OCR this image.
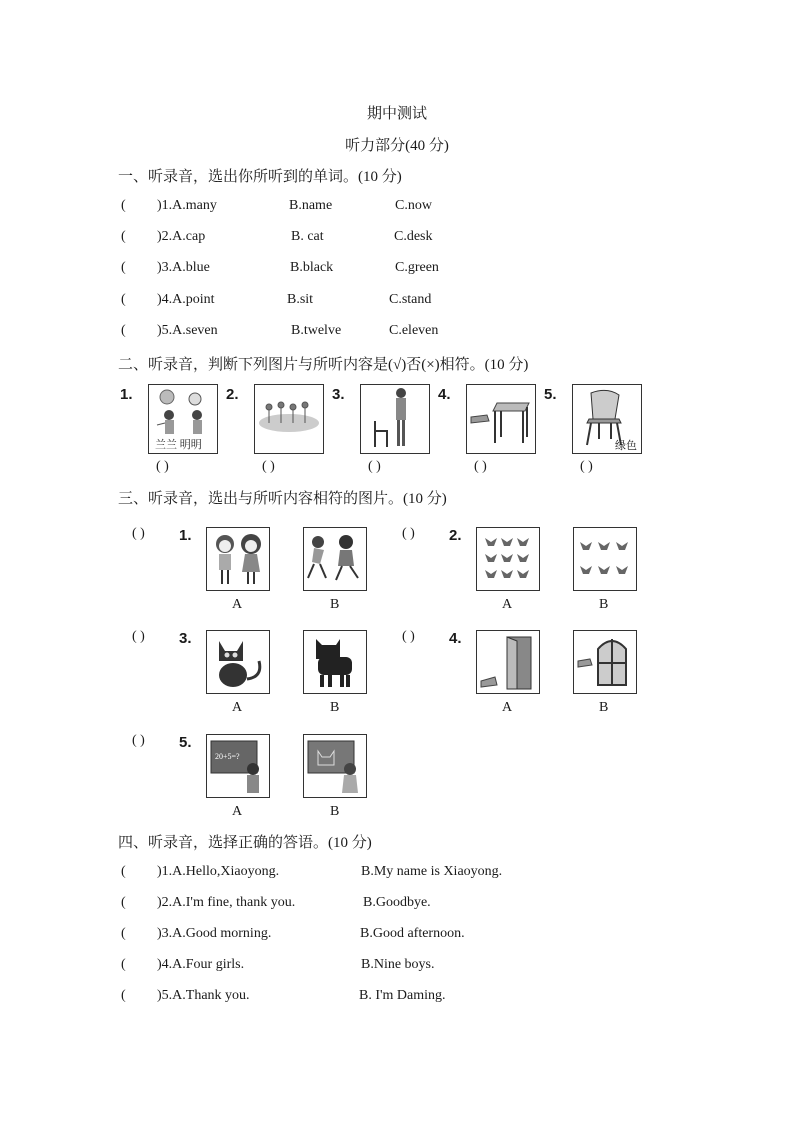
期中测试
听力部分(40 分)
一、听录音，选出你所听到的单词。(10 分)
( )1.A.many	B.name	C.now
( )2.A.cap	B. cat	C.desk
( )3.A.blue	B.black	C.green
( )4.A.point	B.sit	C.stand
( )5.A.seven	B.twelve	C.eleven
二、听录音，判断下列图片与所听内容是(√)否(×)相符。(10 分)
1.
兰兰 明明
( )
2.
( )
3.
( )
4.
( )
5.
绿色
( )
三、听录音，选出与所听内容相符的图片。(10 分)
( ) 1.
A	B
( ) 2.
A	B
( ) 3.
A	B
( ) 4.
A	B
( ) 5.
20+5=?
A	B
四、听录音，选择正确的答语。(10 分)
( )1.A.Hello,Xiaoyong.	B.My name is Xiaoyong.
( )2.A.I'm fine, thank you.	B.Goodbye.
( )3.A.Good morning.	B.Good afternoon.
( )4.A.Four girls.	B.Nine boys.
( )5.A.Thank you.	B. I'm Daming.
